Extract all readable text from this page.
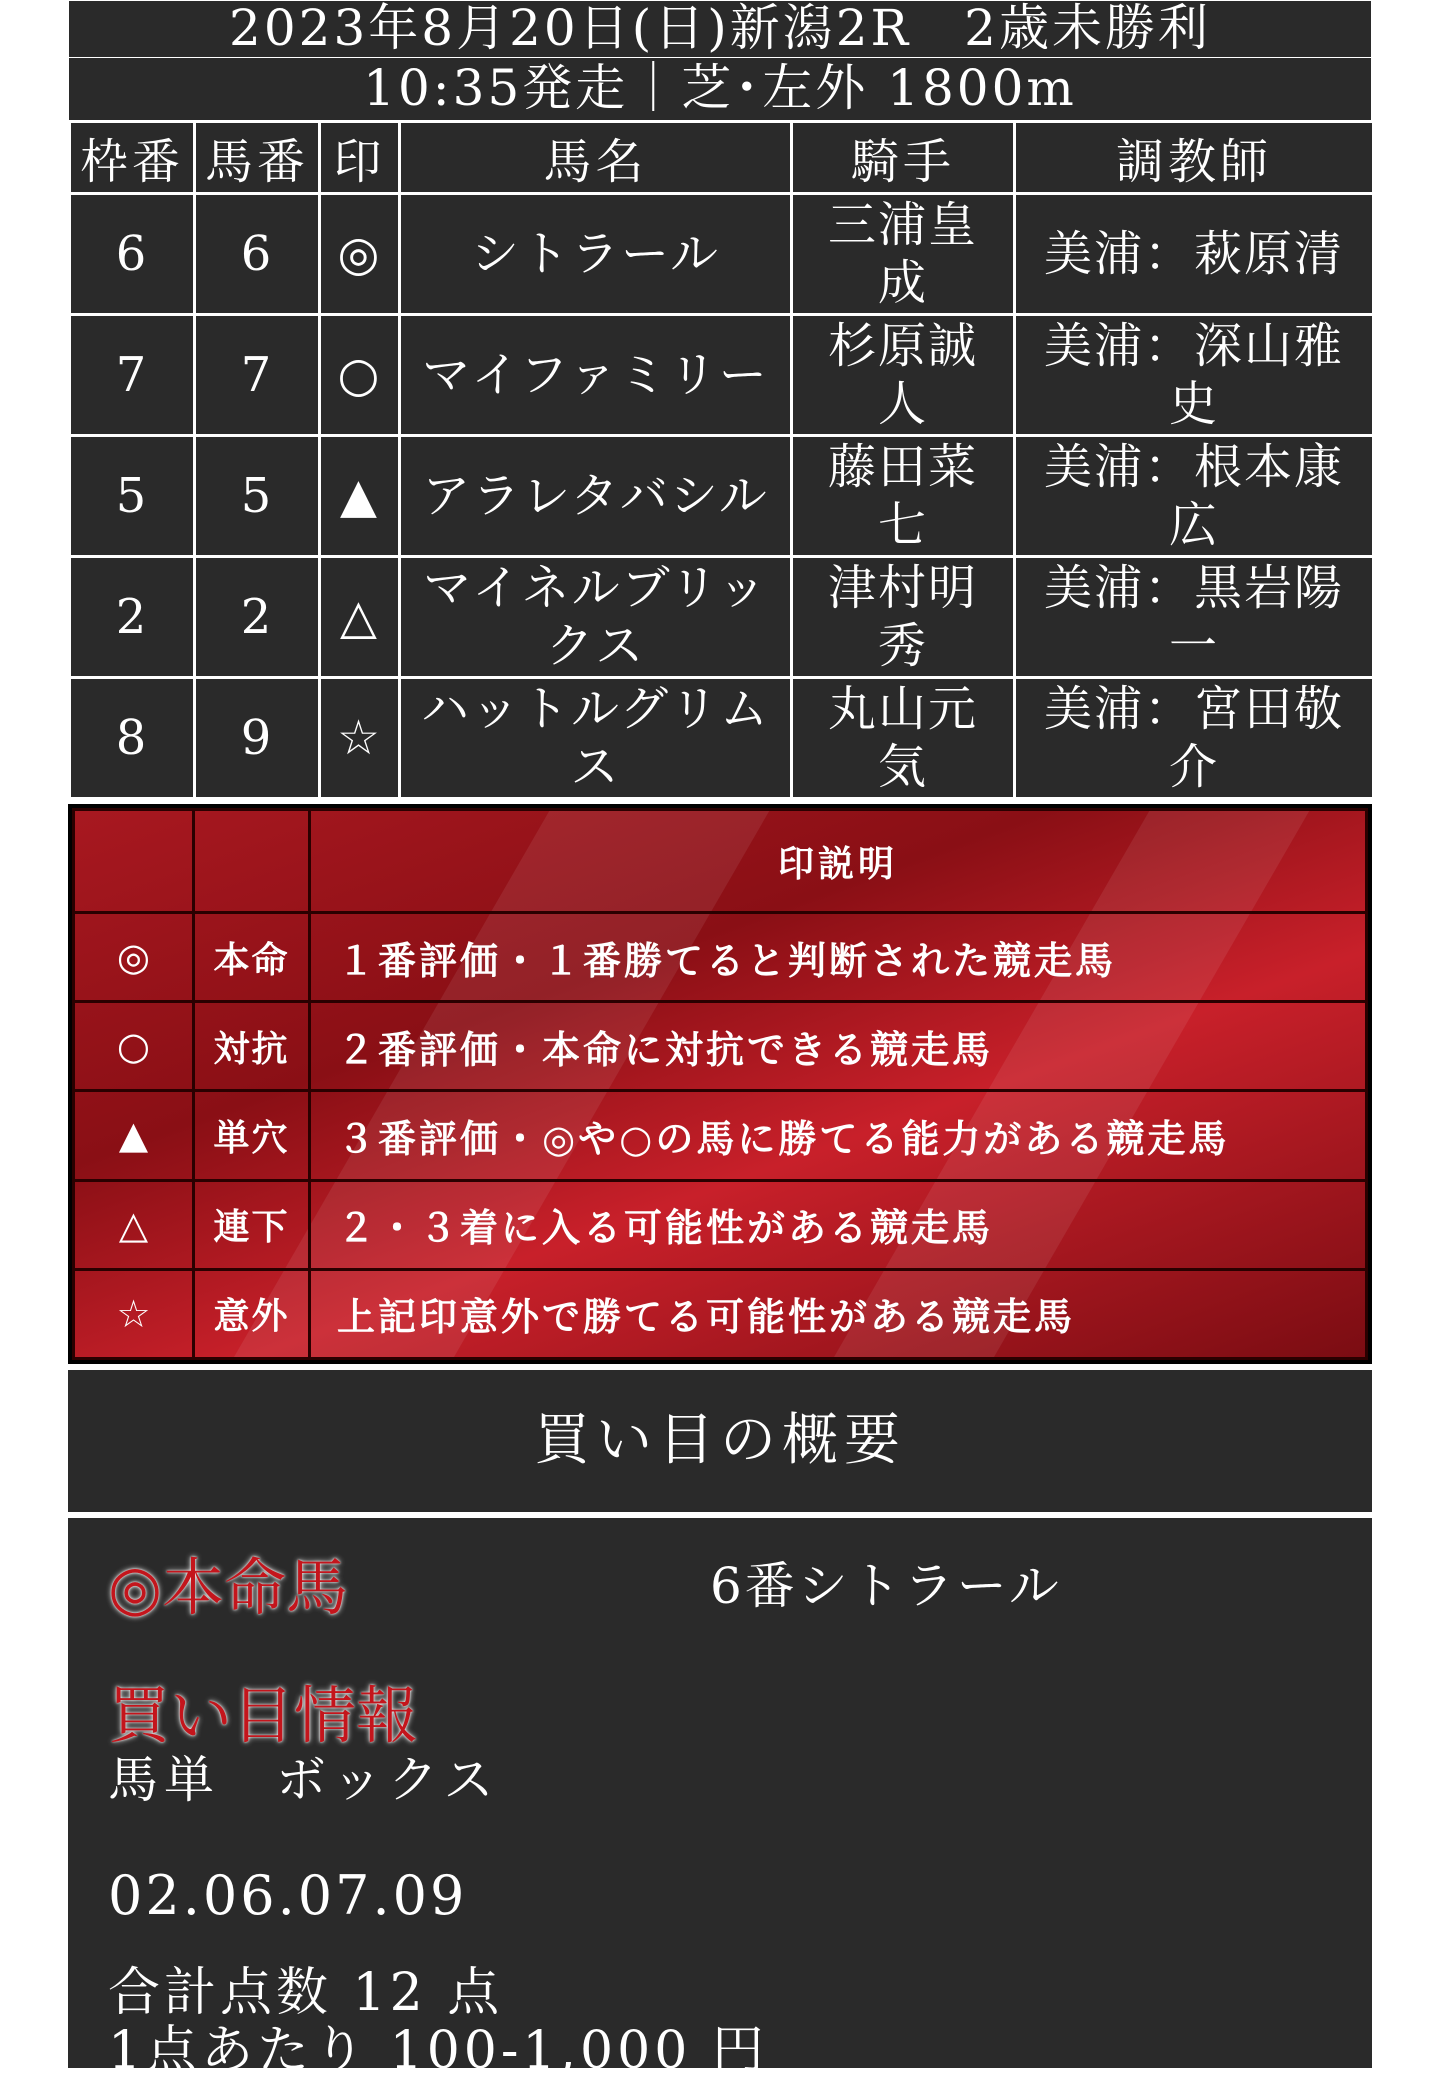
2023年8月20日(日)新潟2R　2歳未勝利
10:35発走｜芝･左外 1800m
枠番	馬番	印	馬名	騎手	調教師
6	6	◎	シトラール	三浦皇成	美浦：萩原清
7	7	○	マイファミリー	杉原誠人	美浦：深山雅史
5	5	▲	アラレタバシル	藤田菜七	美浦：根本康広
2	2	△	マイネルブリックス	津村明秀	美浦：黒岩陽一
8	9	☆	ハットルグリムス	丸山元気	美浦：宮田敬介
		印説明
◎	本命	１番評価・１番勝てると判断された競走馬
○	対抗	２番評価・本命に対抗できる競走馬
▲	単穴	３番評価・◎や○の馬に勝てる能力がある競走馬
△	連下	２・３着に入る可能性がある競走馬
☆	意外	上記印意外で勝てる可能性がある競走馬
買い目の概要
◎本命馬	6番シトラール
買い目情報
馬単　ボックス
02.06.07.09
合計点数 12 点
1点あたり 100-1,000 円
